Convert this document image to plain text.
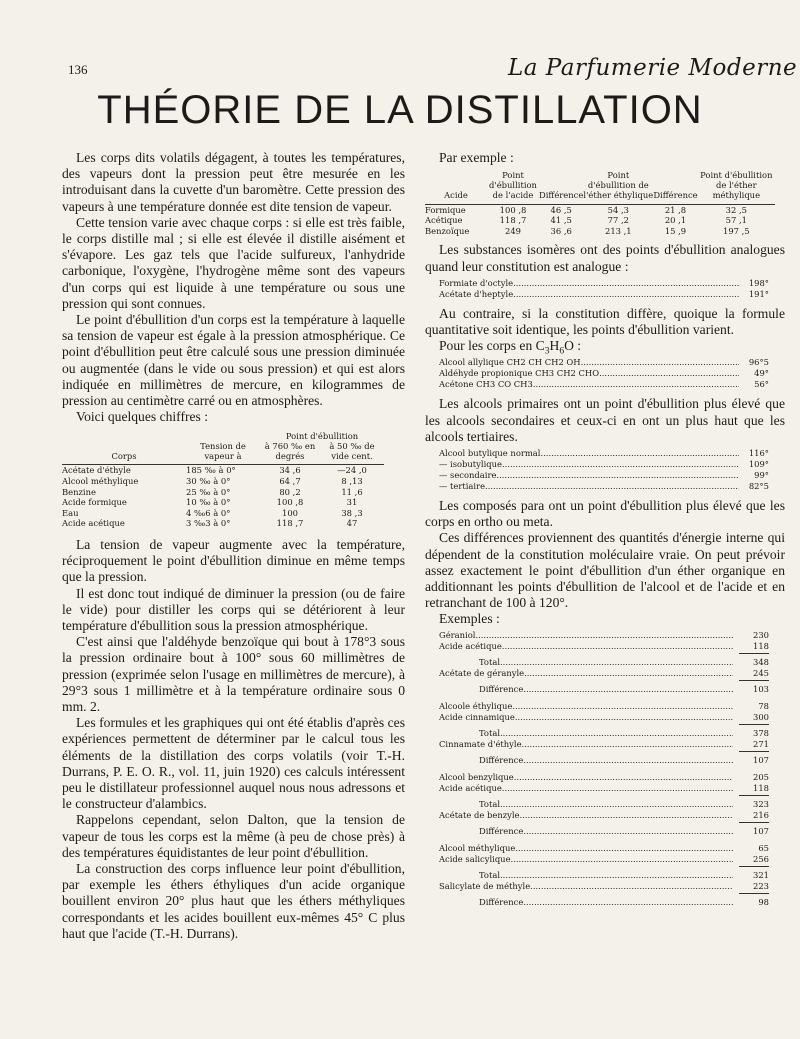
136	La Parfumerie Moderne
THÉORIE DE LA DISTILLATION

Les corps dits volatils dégagent, à toutes les températures, des vapeurs dont la pression peut être mesurée en les introduisant dans la cuvette d'un baromètre. Cette pression des vapeurs à une température donnée est dite tension de vapeur.

Cette tension varie avec chaque corps : si elle est très faible, le corps distille mal ; si elle est élevée il distille aisément et s'évapore. Les gaz tels que l'acide sulfureux, l'anhydride carbonique, l'oxygène, l'hydrogène même sont des vapeurs d'un corps qui est liquide à une température ou sous une pression qui sont connues.

Le point d'ébullition d'un corps est la température à laquelle sa tension de vapeur est égale à la pression atmosphérique. Ce point d'ébullition peut être calculé sous une pression diminuée ou augmentée (dans le vide ou sous pression) et qui est alors indiquée en millimètres de mercure, en kilogrammes de pression au centimètre carré ou en atmosphères.

Voici quelques chiffres :

		Point d'ébullition	
Corps	Tension de vapeur à	à 760 ‰ en degrés	à 50 ‰ de vide cent.

Acétate d'éthyle	185 ‰ à 0°	34 ,6	—24 ,0
Alcool méthylique	30 ‰ à 0°	64 ,7	8 ,13
Benzine	25 ‰ à 0°	80 ,2	11 ,6
Acide formique	10 ‰ à 0°	100 ,8	31
Eau	4 ‰6 à 0°	100	38 ,3
Acide acétique	3 ‰3 à 0°	118 ,7	47

La tension de vapeur augmente avec la température, réciproquement le point d'ébullition diminue en même temps que la pression.

Il est donc tout indiqué de diminuer la pression (ou de faire le vide) pour distiller les corps qui se détériorent à leur température d'ébullition sous la pression atmosphérique.

C'est ainsi que l'aldéhyde benzoïque qui bout à 178°3 sous la pression ordinaire bout à 100° sous 60 millimètres de pression (exprimée selon l'usage en millimètres de mercure), à 29°3 sous 1 millimètre et à la température ordinaire sous 0 mm. 2.

Les formules et les graphiques qui ont été établis d'après ces expériences permettent de déterminer par le calcul tous les éléments de la distillation des corps volatils (voir T.-H. Durrans, P. E. O. R., vol. 11, juin 1920) ces calculs intéressent peu le distillateur professionnel auquel nous nous adressons et le constructeur d'alambics.

Rappelons cependant, selon Dalton, que la tension de vapeur de tous les corps est la même (à peu de chose près) à des températures équidistantes de leur point d'ébullition.

La construction des corps influence leur point d'ébullition, par exemple les éthers éthyliques d'un acide organique bouillent environ 20° plus haut que les éthers méthyliques correspondants et les acides bouillent eux-mêmes 45° C plus haut que l'acide (T.-H. Durrans).

Par exemple :

Acide	Point d'ébullition de l'acide	Différence	Point d'ébullition de l'éther éthylique	Différence	Point d'ébullition de l'éther méthylique

Formique	100 ,8	46 ,5	54 ,3	21 ,8	32 ,5
Acétique	118 ,7	41 ,5	77 ,2	20 ,1	57 ,1
Benzoïque	249	36 ,6	213 ,1	15 ,9	197 ,5

Les substances isomères ont des points d'ébullition analogues quand leur constitution est analogue :

Formiate d'octyle .....	198°
Acétate d'heptyle .....	191°

Au contraire, si la constitution diffère, quoique la formule quantitative soit identique, les points d'ébullition varient.

Pour les corps en $C_3H_6O$ :

Alcool allylique CH2 CH CH2 OH .....	96°5
Aldéhyde propionique CH3 CH2 CHO .....	49°
Acétone CH3 CO CH3 .....	56°

Les alcools primaires ont un point d'ébullition plus élevé que les alcools secondaires et ceux-ci en ont un plus haut que les alcools tertiaires.

Alcool butylique normal .....	116°
— isobutylique .....	109°
— secondaire .....	99°
— tertiaire .....	82°5

Les composés para ont un point d'ébullition plus élevé que les corps en ortho ou meta.

Ces différences proviennent des quantités d'énergie interne qui dépendent de la constitution moléculaire vraie. On peut prévoir assez exactement le point d'ébullition d'un éther organique en additionnant les points d'ébullition de l'alcool et de l'acide et en retranchant de 100 à 120°.

Exemples :

Géraniol .....	230
Acide acétique .....	118
Total .....	348
Acétate de géranyle .....	245
Différence .....	103
Alcoole éthylique .....	78
Acide cinnamique .....	300
Total .....	378
Cinnamate d'éthyle .....	271
Différence .....	107
Alcool benzylique .....	205
Acide acétique .....	118
Total .....	323
Acétate de benzyle .....	216
Différence .....	107
Alcool méthylique .....	65
Acide salicylique .....	256
Total .....	321
Salicylate de méthyle .....	223
Différence .....	98
